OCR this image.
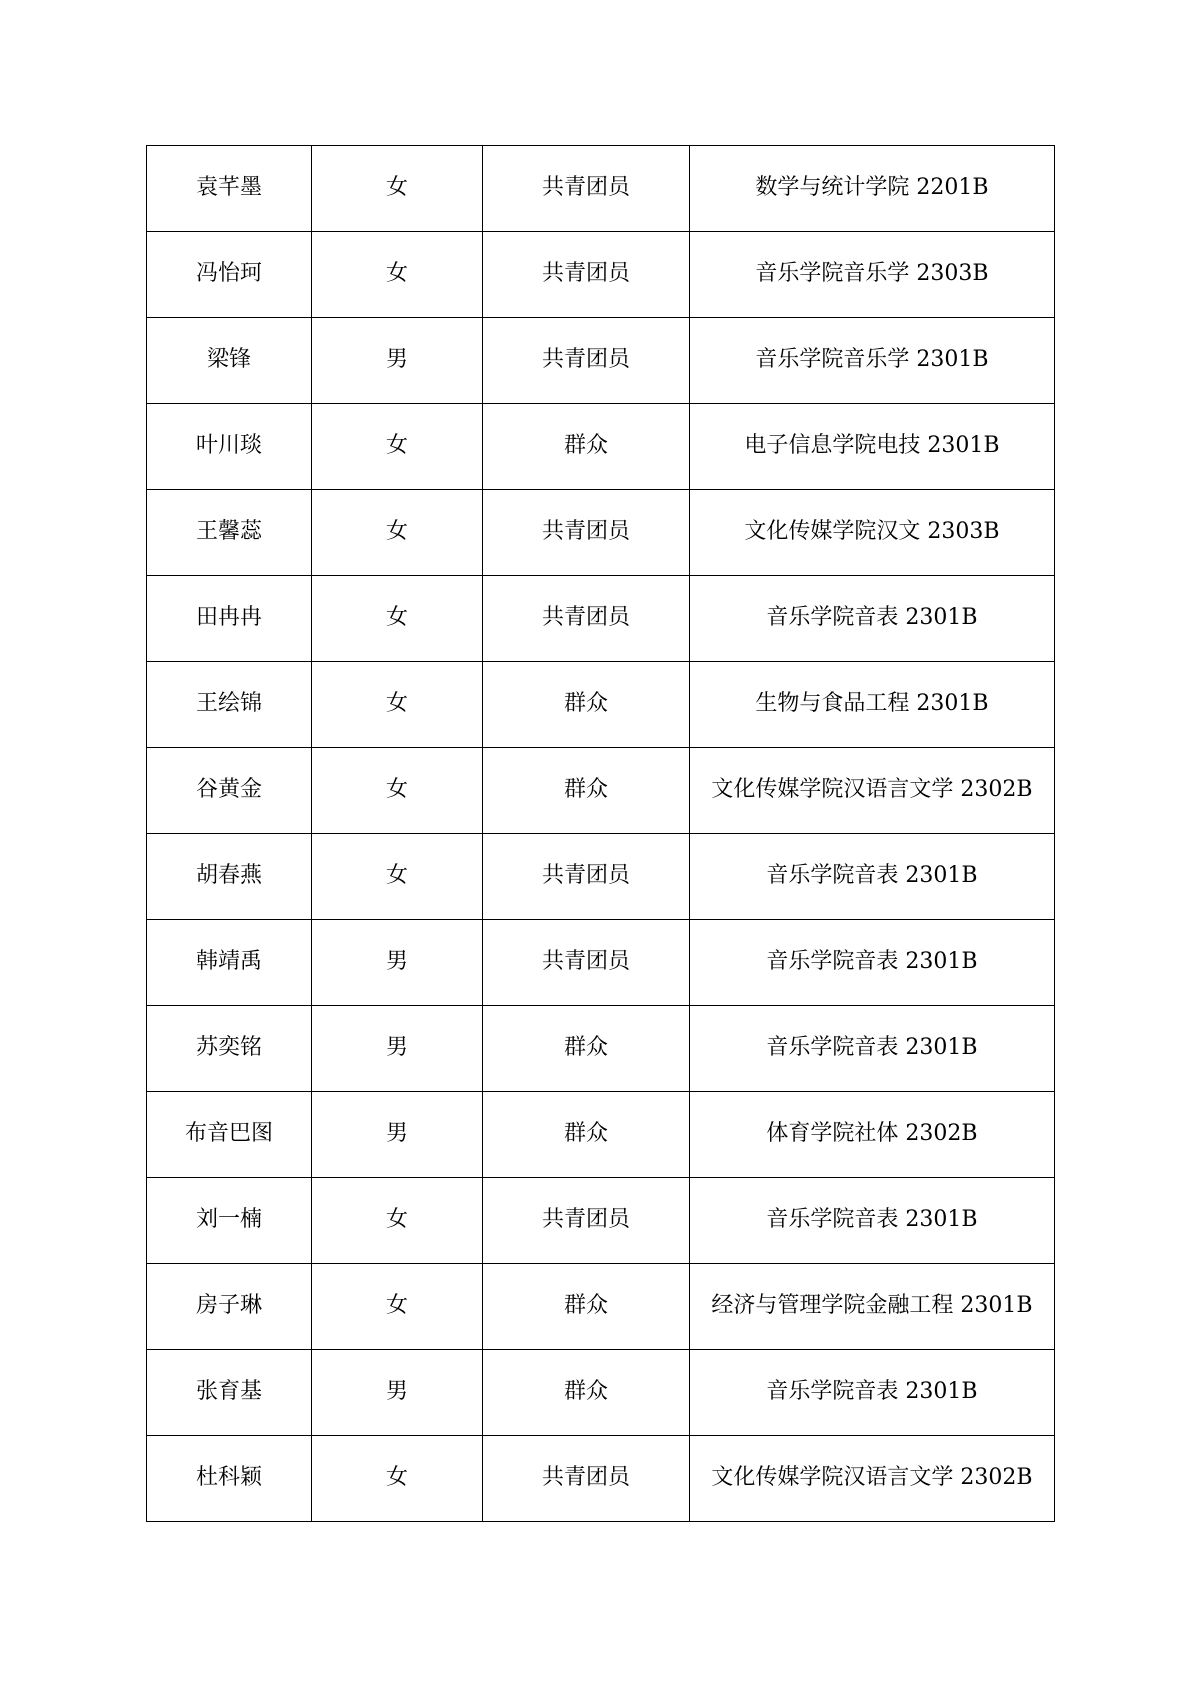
袁芊墨	女	共青团员	数学与统计学院 2201B
冯怡珂	女	共青团员	音乐学院音乐学 2303B
梁锋	男	共青团员	音乐学院音乐学 2301B
叶川琰	女	群众	电子信息学院电技 2301B
王馨蕊	女	共青团员	文化传媒学院汉文 2303B
田冉冉	女	共青团员	音乐学院音表 2301B
王绘锦	女	群众	生物与食品工程 2301B
谷黄金	女	群众	文化传媒学院汉语言文学 2302B
胡春燕	女	共青团员	音乐学院音表 2301B
韩靖禹	男	共青团员	音乐学院音表 2301B
苏奕铭	男	群众	音乐学院音表 2301B
布音巴图	男	群众	体育学院社体 2302B
刘一楠	女	共青团员	音乐学院音表 2301B
房子琳	女	群众	经济与管理学院金融工程 2301B
张育基	男	群众	音乐学院音表 2301B
杜科颖	女	共青团员	文化传媒学院汉语言文学 2302B
